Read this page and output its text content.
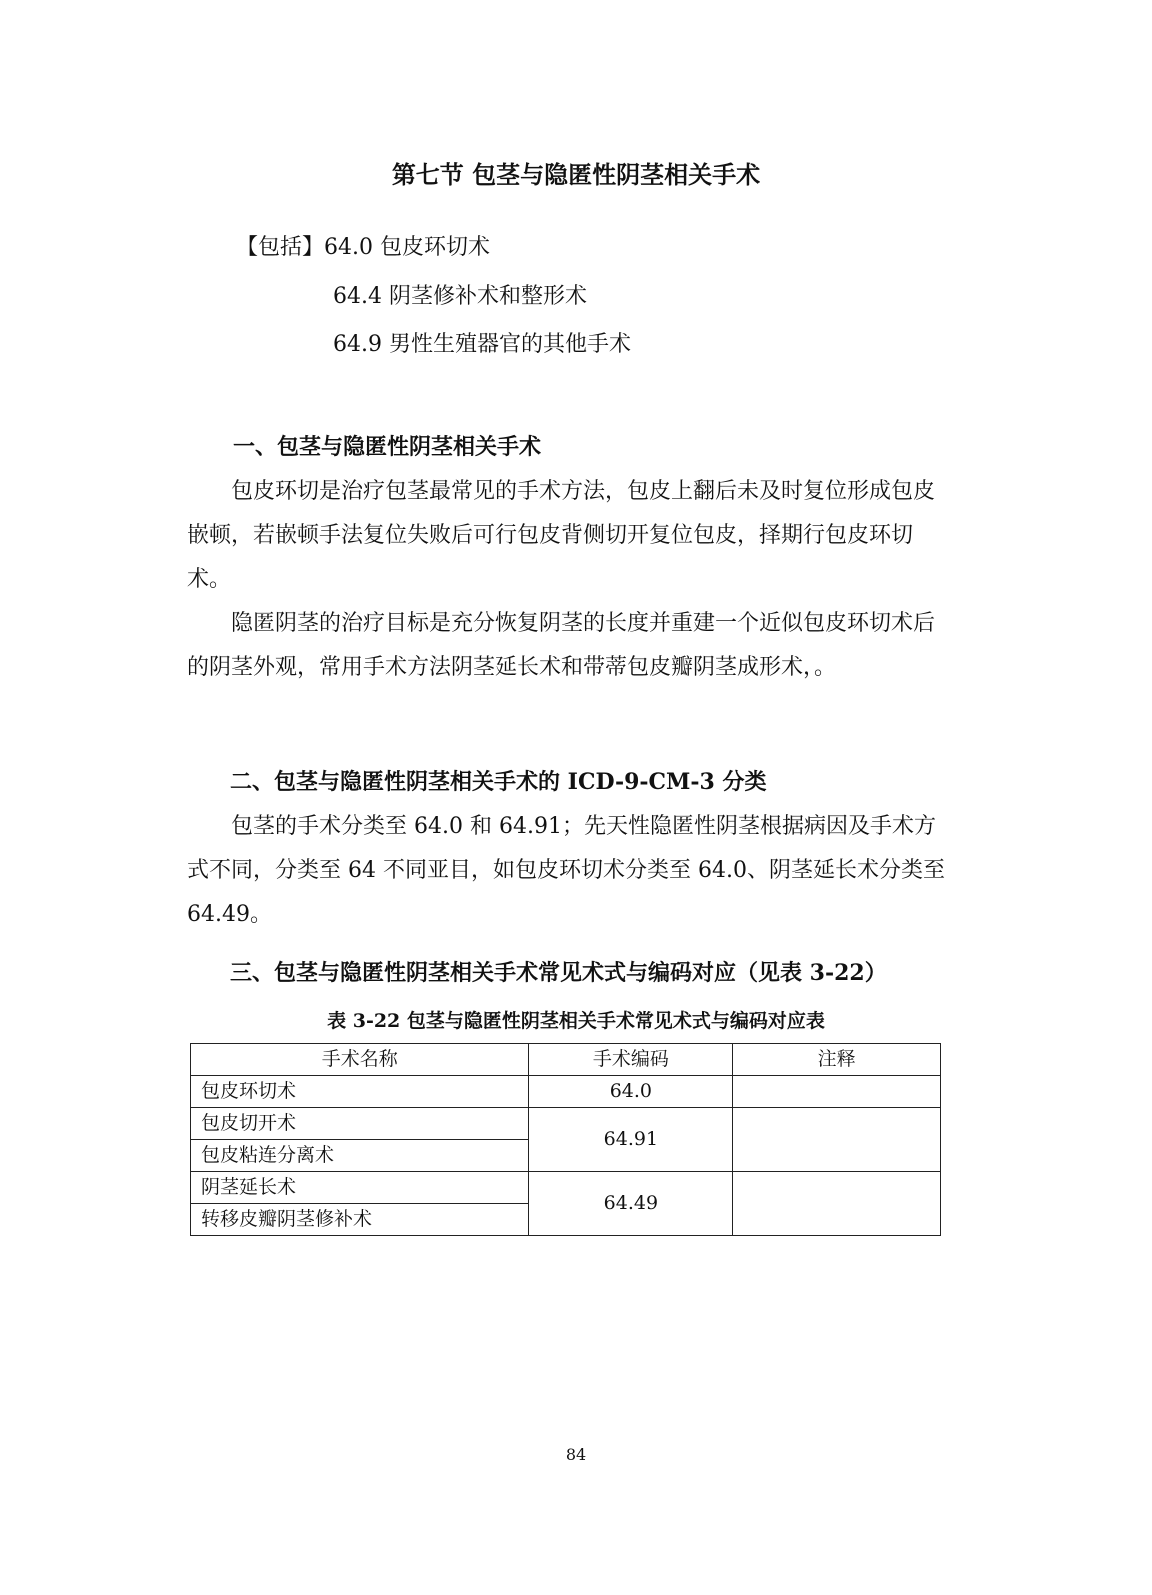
第七节 包茎与隐匿性阴茎相关手术
【包括】64.0 包皮环切术
64.4 阴茎修补术和整形术
64.9 男性生殖器官的其他手术
一、包茎与隐匿性阴茎相关手术

包皮环切是治疗包茎最常见的手术方法，包皮上翻后未及时复位形成包皮嵌顿，若嵌顿手法复位失败后可行包皮背侧切开复位包皮，择期行包皮环切术。

隐匿阴茎的治疗目标是充分恢复阴茎的长度并重建一个近似包皮环切术后的阴茎外观，常用手术方法阴茎延长术和带蒂包皮瓣阴茎成形术，。

二、包茎与隐匿性阴茎相关手术的 ICD-9-CM-3 分类

包茎的手术分类至 64.0 和 64.91；先天性隐匿性阴茎根据病因及手术方式不同，分类至 64 不同亚目，如包皮环切术分类至 64.0、阴茎延长术分类至 64.49。

三、包茎与隐匿性阴茎相关手术常见术式与编码对应（见表 3-22）
表 3-22 包茎与隐匿性阴茎相关手术常见术式与编码对应表
手术名称	手术编码	注释
包皮环切术	64.0	
包皮切开术	64.91	
包皮粘连分离术		
阴茎延长术	64.49	
转移皮瓣阴茎修补术		
84
